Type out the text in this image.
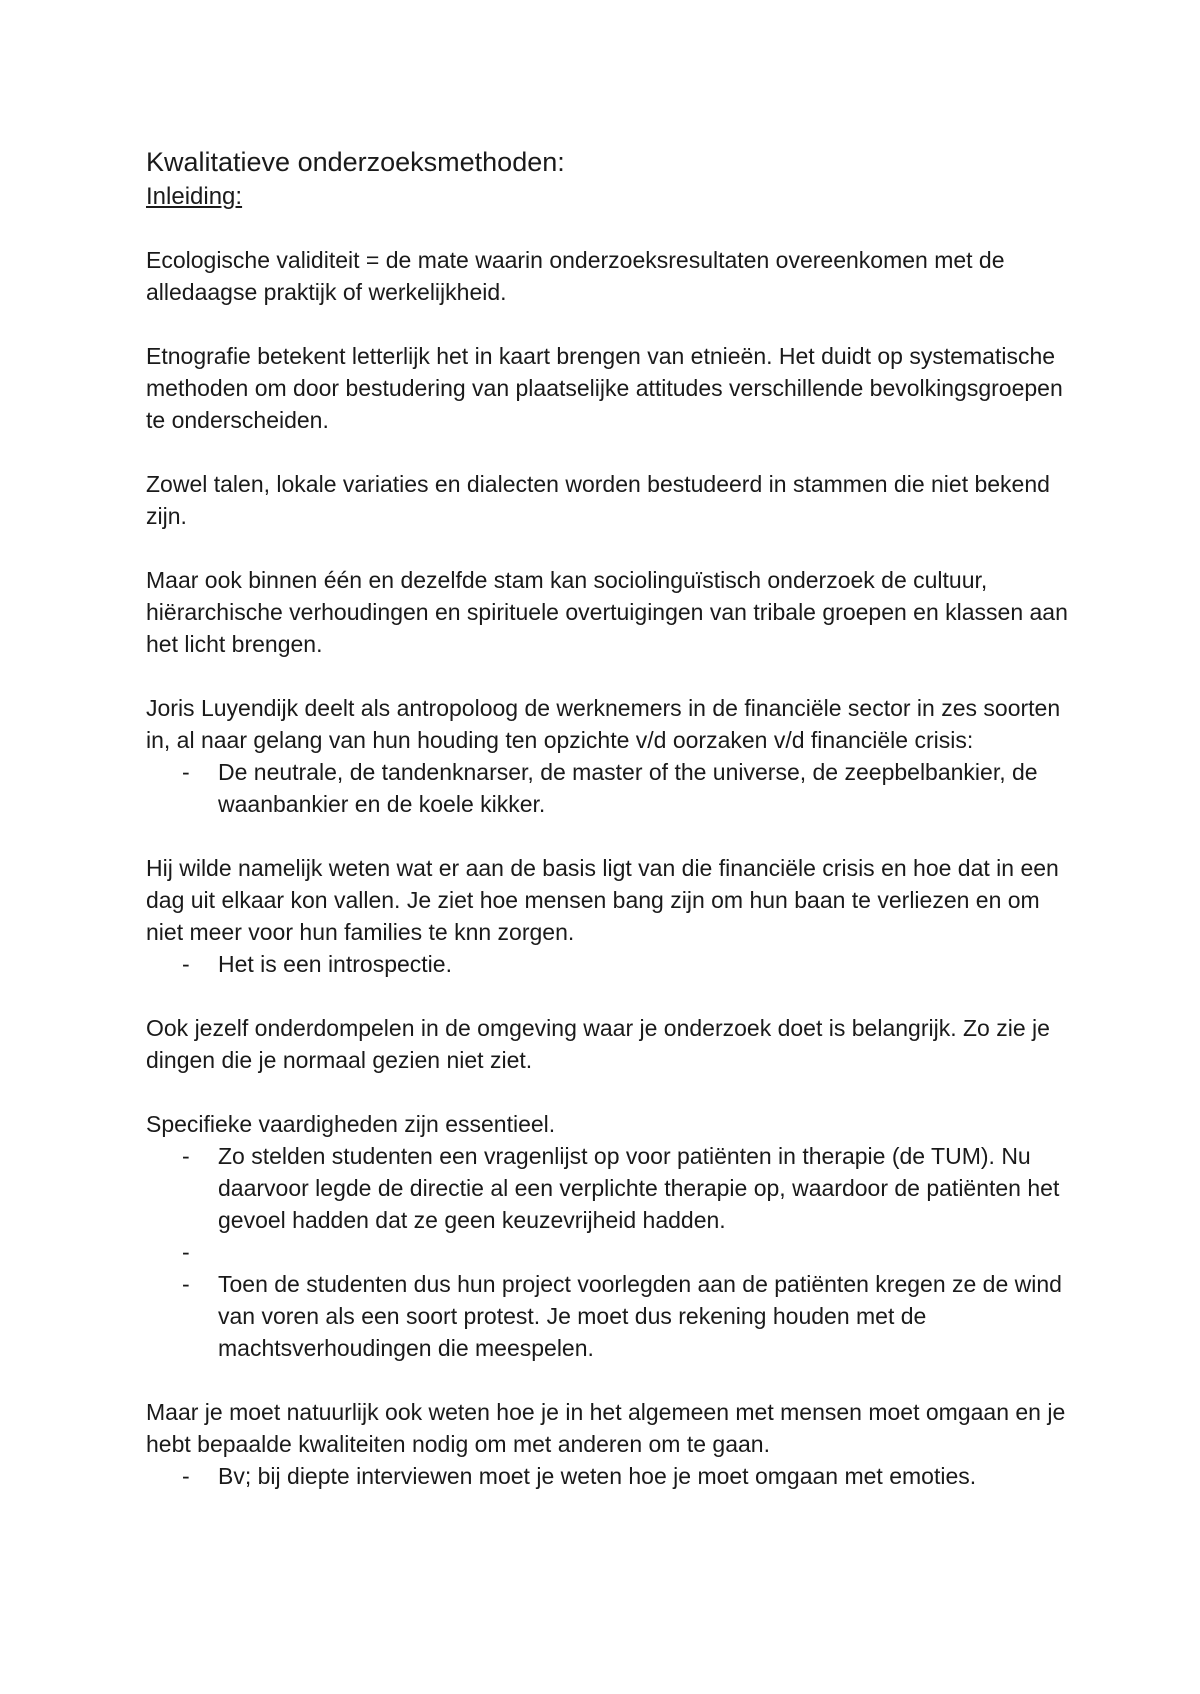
Kwalitatieve onderzoeksmethoden:
Inleiding:

Ecologische validiteit = de mate waarin onderzoeksresultaten overeenkomen met de alledaagse praktijk of werkelijkheid.

Etnografie betekent letterlijk het in kaart brengen van etnieën. Het duidt op systematische methoden om door bestudering van plaatselijke attitudes verschillende bevolkingsgroepen te onderscheiden.

Zowel talen, lokale variaties en dialecten worden bestudeerd in stammen die niet bekend zijn.

Maar ook binnen één en dezelfde stam kan sociolinguïstisch onderzoek de cultuur, hiërarchische verhoudingen en spirituele overtuigingen van tribale groepen en klassen aan het licht brengen.

Joris Luyendijk deelt als antropoloog de werknemers in de financiële sector in zes soorten in, al naar gelang van hun houding ten opzichte v/d oorzaken v/d financiële crisis:

- De neutrale, de tandenknarser, de master of the universe, de zeepbelbankier, de waanbankier en de koele kikker.

Hij wilde namelijk weten wat er aan de basis ligt van die financiële crisis en hoe dat in een dag uit elkaar kon vallen. Je ziet hoe mensen bang zijn om hun baan te verliezen en om niet meer voor hun families te knn zorgen.

- Het is een introspectie.

Ook jezelf onderdompelen in de omgeving waar je onderzoek doet is belangrijk. Zo zie je dingen die je normaal gezien niet ziet.

Specifieke vaardigheden zijn essentieel.

- Zo stelden studenten een vragenlijst op voor patiënten in therapie (de TUM). Nu daarvoor legde de directie al een verplichte therapie op, waardoor de patiënten het gevoel hadden dat ze geen keuzevrijheid hadden.
-
- Toen de studenten dus hun project voorlegden aan de patiënten kregen ze de wind van voren als een soort protest. Je moet dus rekening houden met de machtsverhoudingen die meespelen.

Maar je moet natuurlijk ook weten hoe je in het algemeen met mensen moet omgaan en je hebt bepaalde kwaliteiten nodig om met anderen om te gaan.

- Bv; bij diepte interviewen moet je weten hoe je moet omgaan met emoties.
